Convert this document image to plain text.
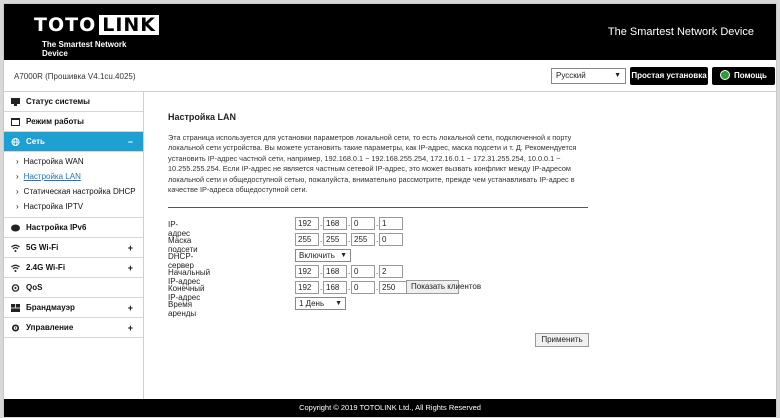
TOTO LINK
The Smartest Network Device
The Smartest Network Device
A7000R (Прошивка V4.1cu.4025)	Русский	▼ Простая установка	Помощь
Статус системы
Режим работы
Сеть	−
› Настройка WAN
› Настройка LAN
› Статическая настройка DHCP
› Настройка IPTV
Настройка IPv6
5G Wi-Fi	+
2.4G Wi-Fi	+
QoS
Брандмауэр	+
Управление	+
Настройка LAN
Эта страница используется для установки параметров локальной сети, то есть локальной сети, подключенной к порту локальной сети устройства. Вы можете установить такие параметры, как IP-адрес, маска подсети и т. Д. Рекомендуется установить IP-адрес частной сети, например, 192.168.0.1 ~ 192.168.255.254, 172.16.0.1 ~ 172.31.255.254, 10.0.0.1 ~ 10.255.255.254. Если IP-адрес не является частным сетевой IP-адрес, это может вызвать конфликт между IP-адресом локальной сети и общедоступной сетью, пожалуйста, внимательно рассмотрите, прежде чем устанавливать IP-адрес в качестве IP-адреса общедоступной сети.
IP-адрес
192	. 168	. 0	. 1
Маска подсети
255	. 255	. 255	. 0
DHCP-сервер
Включить ▼
Начальный IP-адрес
192	. 168	. 0	. 2
Конечный IP-адрес
192	. 168	. 0	. 250	Показать клиентов
Время аренды
1 День ▼
Применить
Copyright © 2019 TOTOLINK Ltd., All Rights Reserved
